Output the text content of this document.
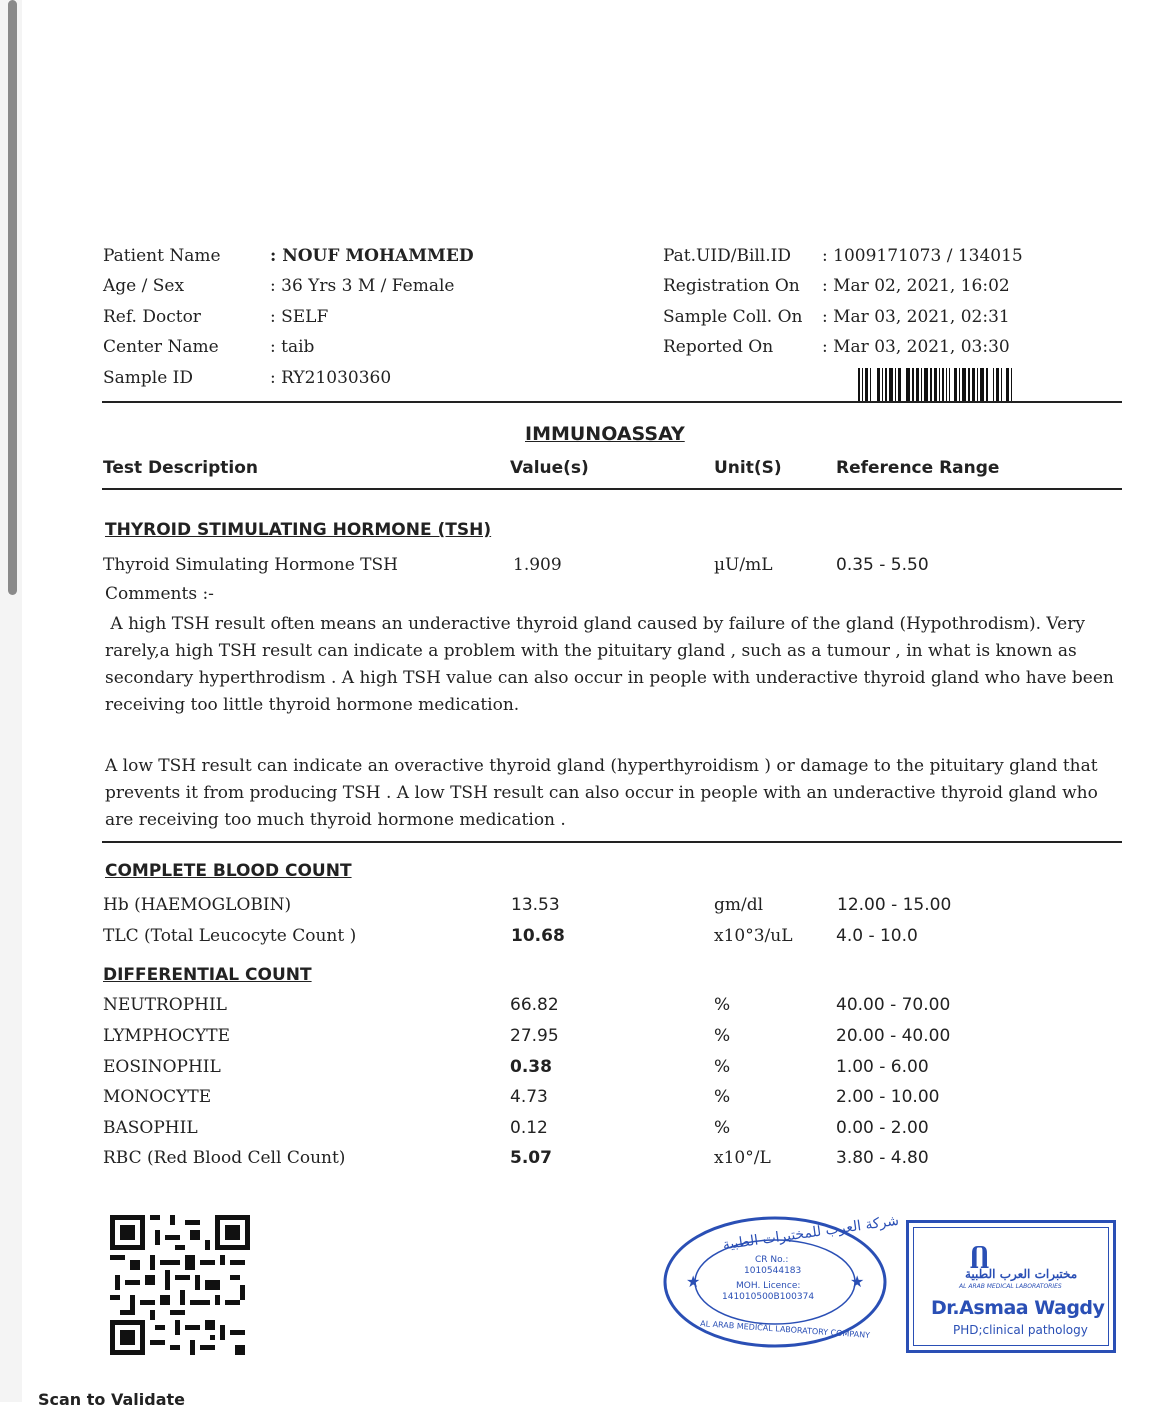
Patient Name	: NOUF MOHAMMED
Age / Sex	: 36 Yrs 3 M / Female
Ref. Doctor	: SELF
Center Name	: taib
Sample ID	: RY21030360
Pat.UID/Bill.ID : 1009171073 / 134015
Registration On : Mar 02, 2021, 16:02
Sample Coll. On : Mar 03, 2021, 02:31
Reported On	: Mar 03, 2021, 03:30
IMMUNOASSAY
Test Description	Value(s)	Unit(S)	Reference Range
THYROID STIMULATING HORMONE (TSH)
Thyroid Simulating Hormone TSH	1.909	µU/mL	0.35 - 5.50
Comments :-
A high TSH result often means an underactive thyroid gland caused by failure of the gland (Hypothrodism). Very rarely,a high TSH result can indicate a problem with the pituitary gland , such as a tumour , in what is known as secondary hyperthrodism . A high TSH value can also occur in people with underactive thyroid gland who have been receiving too little thyroid hormone medication.
A low TSH result can indicate an overactive thyroid gland (hyperthyroidism ) or damage to the pituitary gland that prevents it from producing TSH . A low TSH result can also occur in people with an underactive thyroid gland who are receiving too much thyroid hormone medication .
COMPLETE BLOOD COUNT
Hb (HAEMOGLOBIN)	13.53	gm/dl	12.00 - 15.00
TLC (Total Leucocyte Count )	10.68	x10°3/uL	4.0 - 10.0
DIFFERENTIAL COUNT
NEUTROPHIL	66.82	%	40.00 - 70.00
LYMPHOCYTE	27.95	%	20.00 - 40.00
EOSINOPHIL	0.38	%	1.00 - 6.00
MONOCYTE	4.73	%	2.00 - 10.00
BASOPHIL	0.12	%	0.00 - 2.00
RBC (Red Blood Cell Count)	5.07	x10°/L	3.80 - 4.80
★	★
شركة العرب للمختبرات الطبية
CR No.:
1010544183
MOH. Licence:
141010500B100374
AL ARAB MEDICAL LABORATORY COMPANY
Ⴖ
مختبرات العرب الطبية
AL ARAB MEDICAL LABORATORIES
Dr.Asmaa Wagdy
PHD;clinical pathology
Scan to Validate
